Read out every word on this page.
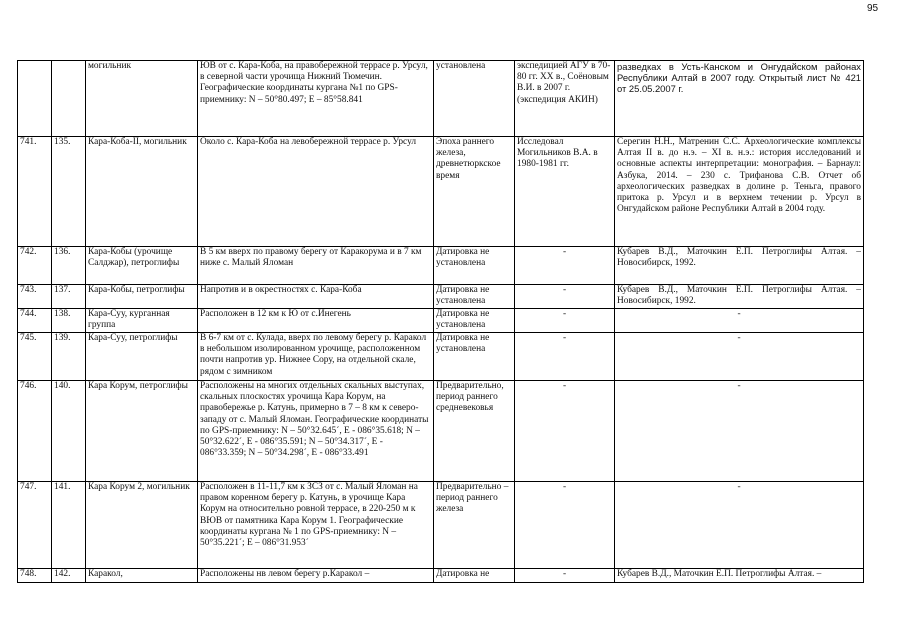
95
		могильник	ЮВ от с. Кара-Коба, на правобережной террасе р. Урсул, в северной части урочища Нижний Тюмечин. Географические координаты кургана №1 по GPS-приемнику: N – 50°80.497; E – 85°58.841	установлена	экспедицией АГУ в 70-80 гг. XX в., Соёновым В.И. в 2007 г. (экспедиция АКИН)	разведках в Усть-Канском и Онгудайском районах Республики Алтай в 2007 году. Открытый лист № 421 от 25.05.2007 г.
741.	135.	Кара-Коба-II, могильник	Около с. Кара-Коба на левобережной террасе р. Урсул	Эпоха раннего железа, древнетюркское время	Исследовал Могильников В.А. в 1980-1981 гг.	Серегин Н.Н., Матренин С.С. Археологические комплексы Алтая II в. до н.э. – XI в. н.э.: история исследований и основные аспекты интерпретации: монография. – Барнаул: Азбука, 2014. – 230 с. Трифанова С.В. Отчет об археологических разведках в долине р. Теньга, правого притока р. Урсул и в верхнем течении р. Урсул в Онгудайском районе Республики Алтай в 2004 году.
742.	136.	Кара-Кобы (урочище Салджар), петроглифы	В 5 км вверх по правому берегу от Каракорума и в 7 км ниже с. Малый Яломан	Датировка не установлена	-	Кубарев В.Д., Маточкин Е.П. Петроглифы Алтая. – Новосибирск, 1992.
743.	137.	Кара-Кобы, петроглифы	Напротив и в окрестностях с. Кара-Коба	Датировка не установлена	-	Кубарев В.Д., Маточкин Е.П. Петроглифы Алтая. – Новосибирск, 1992.
744.	138.	Кара-Суу, курганная группа	Расположен в 12 км к Ю от с.Инегень	Датировка не установлена	-	-
745.	139.	Кара-Суу, петроглифы	В 6-7 км от с. Кулада, вверх по левому берегу р. Каракол в небольшом изолированном урочище, расположенном почти напротив ур. Нижнее Сору, на отдельной скале, рядом с зимником	Датировка не установлена	-	-
746.	140.	Кара Корум, петроглифы	Расположены на многих отдельных скальных выступах, скальных плоскостях урочища Кара Корум, на правобережье р. Катунь, примерно в 7 – 8 км к северо-западу от с. Малый Яломан. Географические координаты по GPS-приемнику: N – 50°32.645´, E - 086°35.618; N – 50°32.622´, E - 086°35.591; N – 50°34.317´, E - 086°33.359; N – 50°34.298´, E - 086°33.491	Предварительно, период раннего средневековья	-	-
747.	141.	Кара Корум 2, могильник	Расположен в 11-11,7 км к ЗСЗ от с. Малый Яломан на правом коренном берегу р. Катунь, в урочище Кара Корум на относительно ровной террасе, в 220-250 м к ВЮВ от памятника Кара Корум 1. Географические координаты кургана № 1 по GPS-приемнику: N – 50°35.221´; E – 086°31.953´	Предварительно –период раннего железа	-	-
748.	142.	Каракол,	Расположены нв левом берегу р.Каракол –	Датировка не	-	Кубарев В.Д., Маточкин Е.П. Петроглифы Алтая. –
